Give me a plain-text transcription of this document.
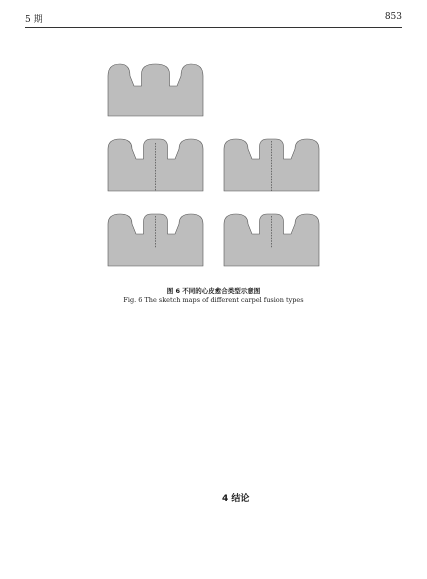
5 期	853
图 6 不同的心皮愈合类型示意图
Fig. 6 The sketch maps of different carpel fusion types
4 结论
